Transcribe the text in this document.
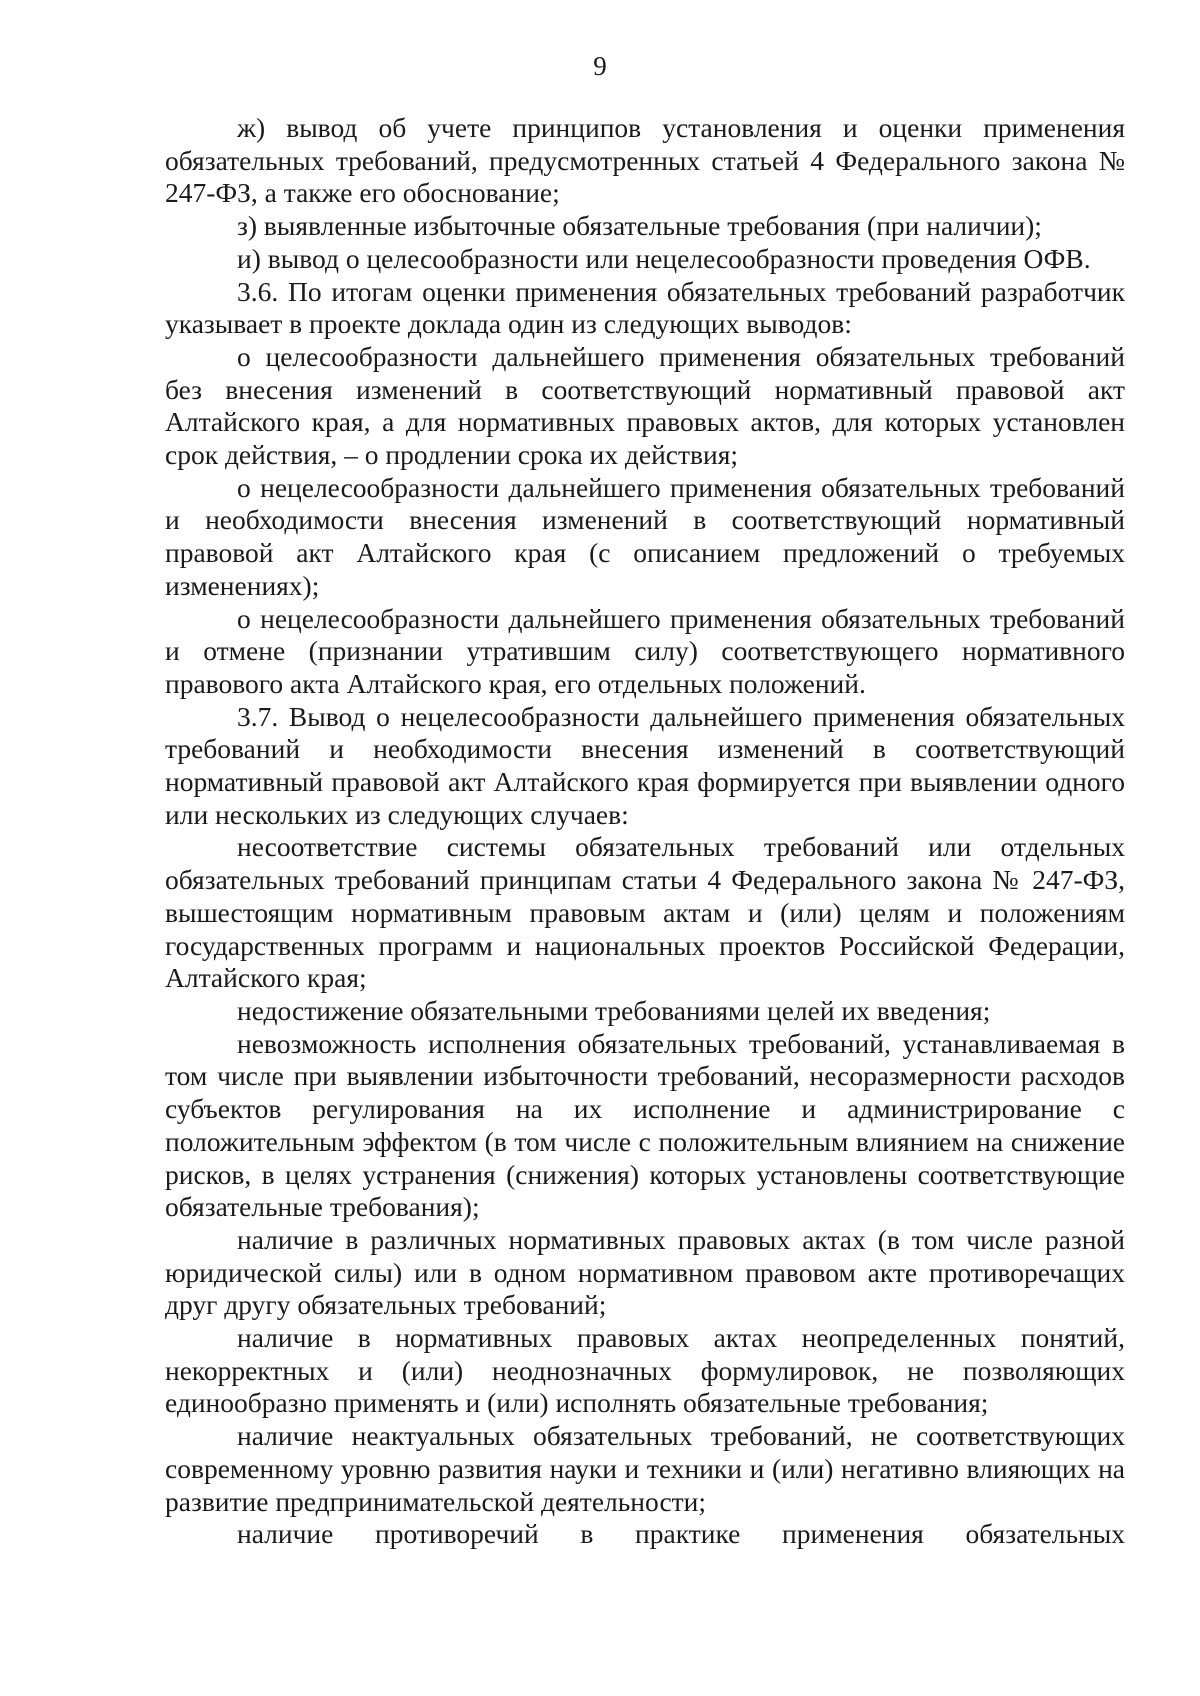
9

ж) вывод об учете принципов установления и оценки применения обязательных требований, предусмотренных статьей 4 Федерального закона № 247-ФЗ, а также его обоснование;

з) выявленные избыточные обязательные требования (при наличии);

и) вывод о целесообразности или нецелесообразности проведения ОФВ.

3.6. По итогам оценки применения обязательных требований разработчик указывает в проекте доклада один из следующих выводов:

о целесообразности дальнейшего применения обязательных требований без внесения изменений в соответствующий нормативный правовой акт Алтайского края, а для нормативных правовых актов, для которых установлен срок действия, – о продлении срока их действия;

о нецелесообразности дальнейшего применения обязательных требований и необходимости внесения изменений в соответствующий нормативный правовой акт Алтайского края (с описанием предложений о требуемых изменениях);

о нецелесообразности дальнейшего применения обязательных требований и отмене (признании утратившим силу) соответствующего нормативного правового акта Алтайского края, его отдельных положений.

3.7. Вывод о нецелесообразности дальнейшего применения обязательных требований и необходимости внесения изменений в соответствующий нормативный правовой акт Алтайского края формируется при выявлении одного или нескольких из следующих случаев:

несоответствие системы обязательных требований или отдельных обязательных требований принципам статьи 4 Федерального закона № 247-ФЗ, вышестоящим нормативным правовым актам и (или) целям и положениям государственных программ и национальных проектов Российской Федерации, Алтайского края;

недостижение обязательными требованиями целей их введения;

невозможность исполнения обязательных требований, устанавливаемая в том числе при выявлении избыточности требований, несоразмерности расходов субъектов регулирования на их исполнение и администрирование с положительным эффектом (в том числе с положительным влиянием на снижение рисков, в целях устранения (снижения) которых установлены соответствующие обязательные требования);

наличие в различных нормативных правовых актах (в том числе разной юридической силы) или в одном нормативном правовом акте противоречащих друг другу обязательных требований;

наличие в нормативных правовых актах неопределенных понятий, некорректных и (или) неоднозначных формулировок, не позволяющих единообразно применять и (или) исполнять обязательные требования;

наличие неактуальных обязательных требований, не соответствующих современному уровню развития науки и техники и (или) негативно влияющих на развитие предпринимательской деятельности;

наличие противоречий в практике применения обязательных
